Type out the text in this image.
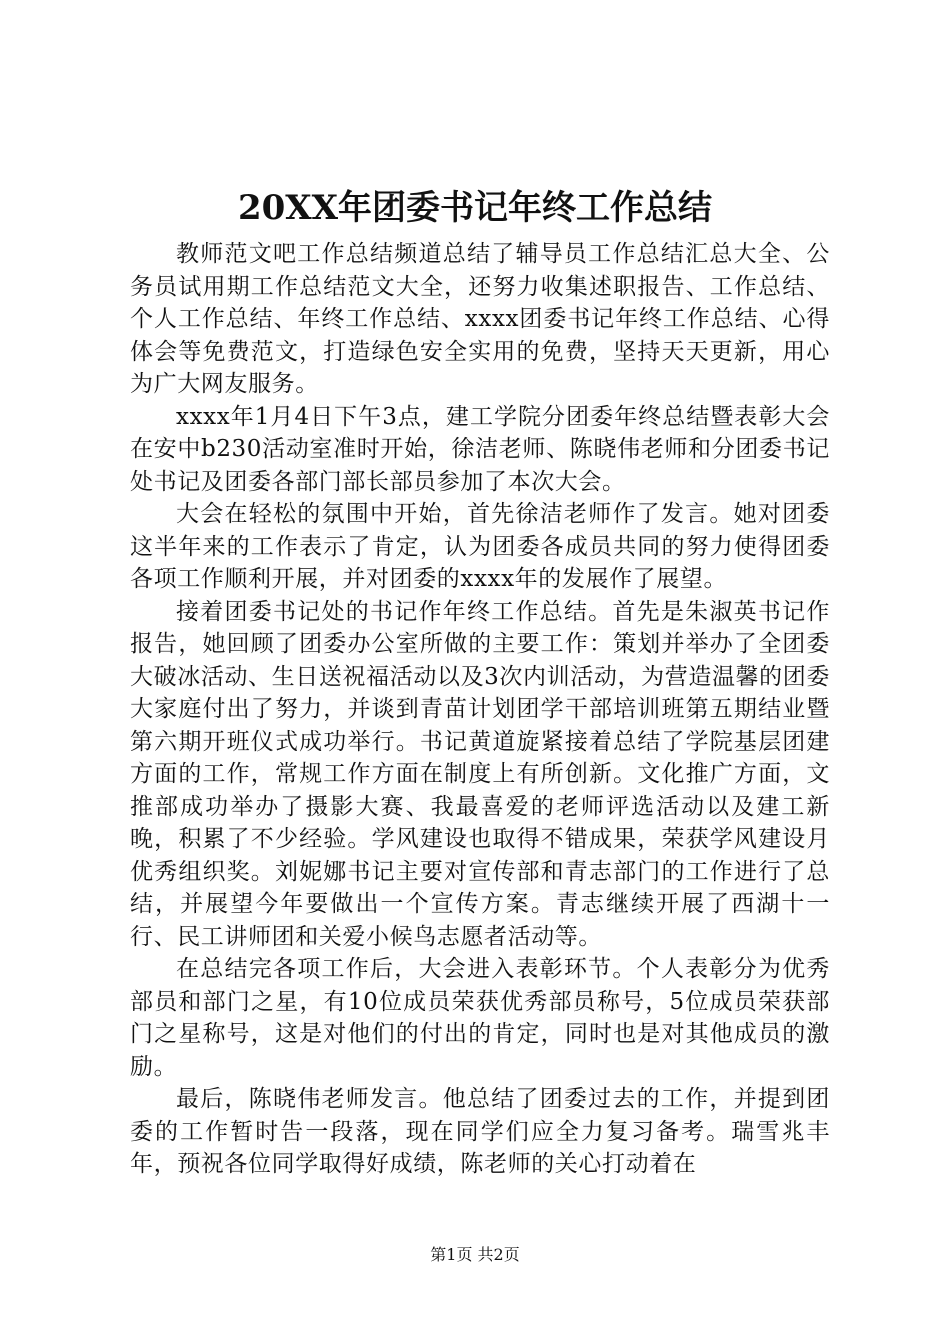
20XX年团委书记年终工作总结

教师范文吧工作总结频道总结了辅导员工作总结汇总大全、公务员试用期工作总结范文大全，还努力收集述职报告、工作总结、个人工作总结、年终工作总结、xxxx团委书记年终工作总结、心得体会等免费范文，打造绿色安全实用的免费，坚持天天更新，用心为广大网友服务。

xxxx年1月4日下午3点，建工学院分团委年终总结暨表彰大会在安中b230活动室准时开始，徐洁老师、陈晓伟老师和分团委书记处书记及团委各部门部长部员参加了本次大会。

大会在轻松的氛围中开始，首先徐洁老师作了发言。她对团委这半年来的工作表示了肯定，认为团委各成员共同的努力使得团委各项工作顺利开展，并对团委的xxxx年的发展作了展望。

接着团委书记处的书记作年终工作总结。首先是朱淑英书记作报告，她回顾了团委办公室所做的主要工作：策划并举办了全团委大破冰活动、生日送祝福活动以及3次内训活动，为营造温馨的团委大家庭付出了努力，并谈到青苗计划团学干部培训班第五期结业暨第六期开班仪式成功举行。书记黄道旋紧接着总结了学院基层团建方面的工作，常规工作方面在制度上有所创新。文化推广方面，文推部成功举办了摄影大赛、我最喜爱的老师评选活动以及建工新晚，积累了不少经验。学风建设也取得不错成果，荣获学风建设月优秀组织奖。刘妮娜书记主要对宣传部和青志部门的工作进行了总结，并展望今年要做出一个宣传方案。青志继续开展了西湖十一行、民工讲师团和关爱小候鸟志愿者活动等。

在总结完各项工作后，大会进入表彰环节。个人表彰分为优秀部员和部门之星，有10位成员荣获优秀部员称号，5位成员荣获部门之星称号，这是对他们的付出的肯定，同时也是对其他成员的激励。

最后，陈晓伟老师发言。他总结了团委过去的工作，并提到团委的工作暂时告一段落，现在同学们应全力复习备考。瑞雪兆丰年，预祝各位同学取得好成绩，陈老师的关心打动着在

第1页 共2页
